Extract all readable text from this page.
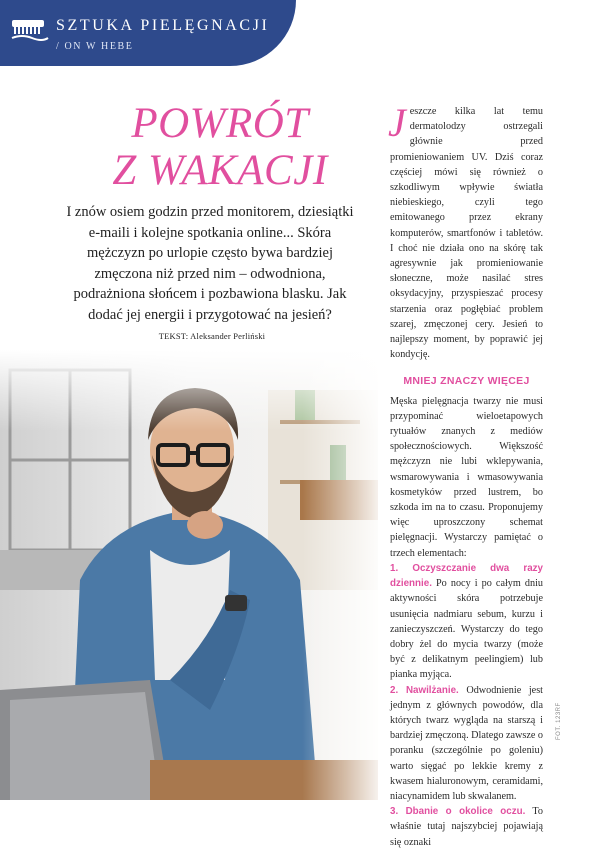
SZTUKA PIELĘGNACJI
/ ON W HEBE
POWRÓT
Z WAKACJI

I znów osiem godzin przed monitorem, dziesiątki e-maili i kolejne spotkania online... Skóra mężczyzn po urlopie często bywa bardziej zmęczona niż przed nim – odwodniona, podrażniona słońcem i pozbawiona blasku. Jak dodać jej energii i przygotować na jesień? TEKST: Aleksander Perliński

Jeszcze kilka lat temu dermatolodzy ostrzegali głównie przed promieniowaniem UV. Dziś coraz częściej mówi się również o szkodliwym wpływie światła niebieskiego, czyli tego emitowanego przez ekrany komputerów, smartfonów i tabletów. I choć nie działa ono na skórę tak agresywnie jak promieniowanie słoneczne, może nasilać stres oksydacyjny, przyspieszać procesy starzenia oraz pogłębiać problem szarej, zmęczonej cery. Jesień to najlepszy moment, by poprawić jej kondycję.

MNIEJ ZNACZY WIĘCEJ

Męska pielęgnacja twarzy nie musi przypominać wieloetapowych rytuałów znanych z mediów społecznościowych. Większość mężczyzn nie lubi wklepywania, wsmarowywania i wmasowywania kosmetyków przed lustrem, bo szkoda im na to czasu. Proponujemy więc uproszczony schemat pielęgnacji. Wystarczy pamiętać o trzech elementach:

1. Oczyszczanie dwa razy dziennie. Po nocy i po całym dniu aktywności skóra potrzebuje usunięcia nadmiaru sebum, kurzu i zanieczyszczeń. Wystarczy do tego dobry żel do mycia twarzy (może być z delikatnym peelingiem) lub pianka myjąca.

2. Nawilżanie. Odwodnienie jest jednym z głównych powodów, dla których twarz wygląda na starszą i bardziej zmęczoną. Dlatego zawsze o poranku (szczególnie po goleniu) warto sięgać po lekkie kremy z kwasem hialuronowym, ceramidami, niacynamidem lub skwalanem.

3. Dbanie o okolice oczu. To właśnie tutaj najszybciej pojawiają się oznaki

FOT. 123RF
